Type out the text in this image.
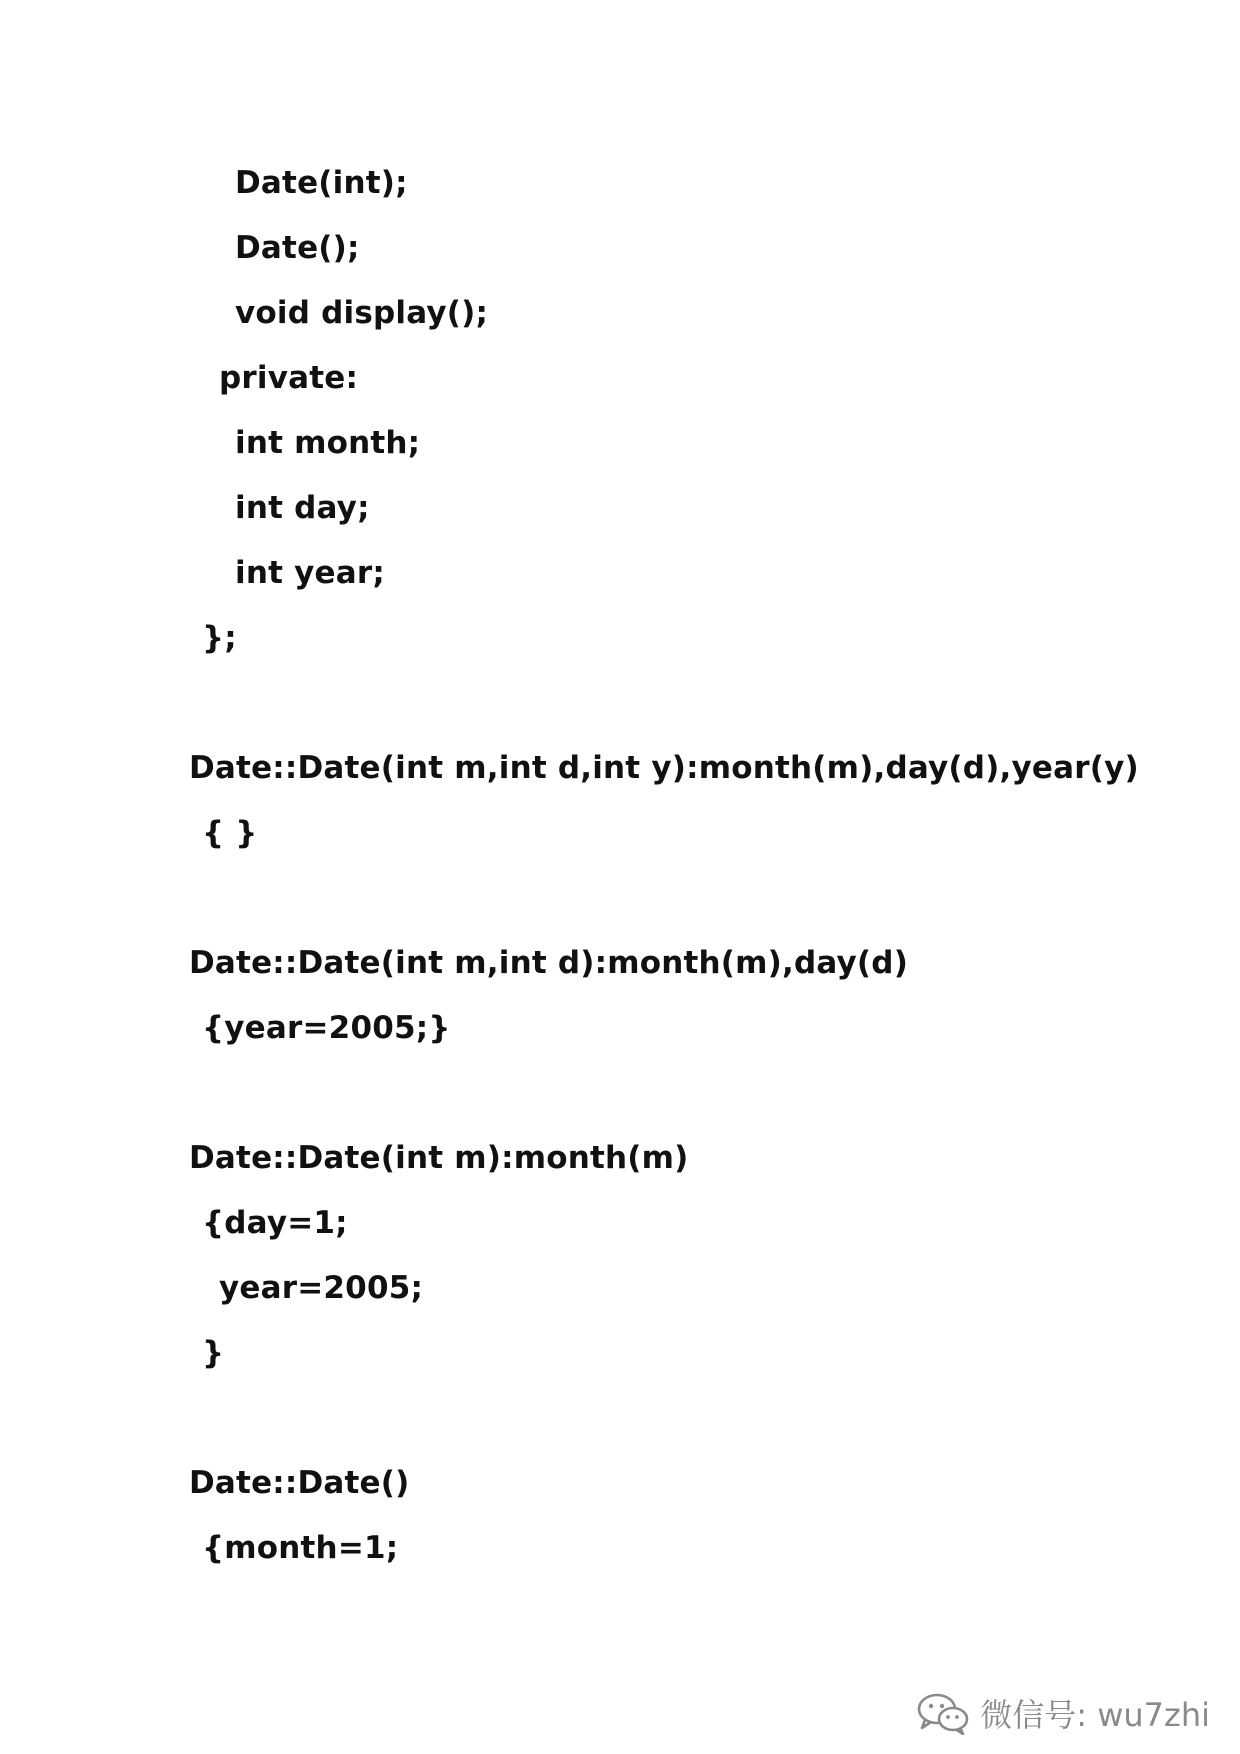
Date(int);
Date();
void display();
private:
int month;
int day;
int year;
};
Date::Date(int m,int d,int y):month(m),day(d),year(y)
{ }
Date::Date(int m,int d):month(m),day(d)
{year=2005;}
Date::Date(int m):month(m)
{day=1;
year=2005;
}
Date::Date()
{month=1;
微信号: wu7zhi
